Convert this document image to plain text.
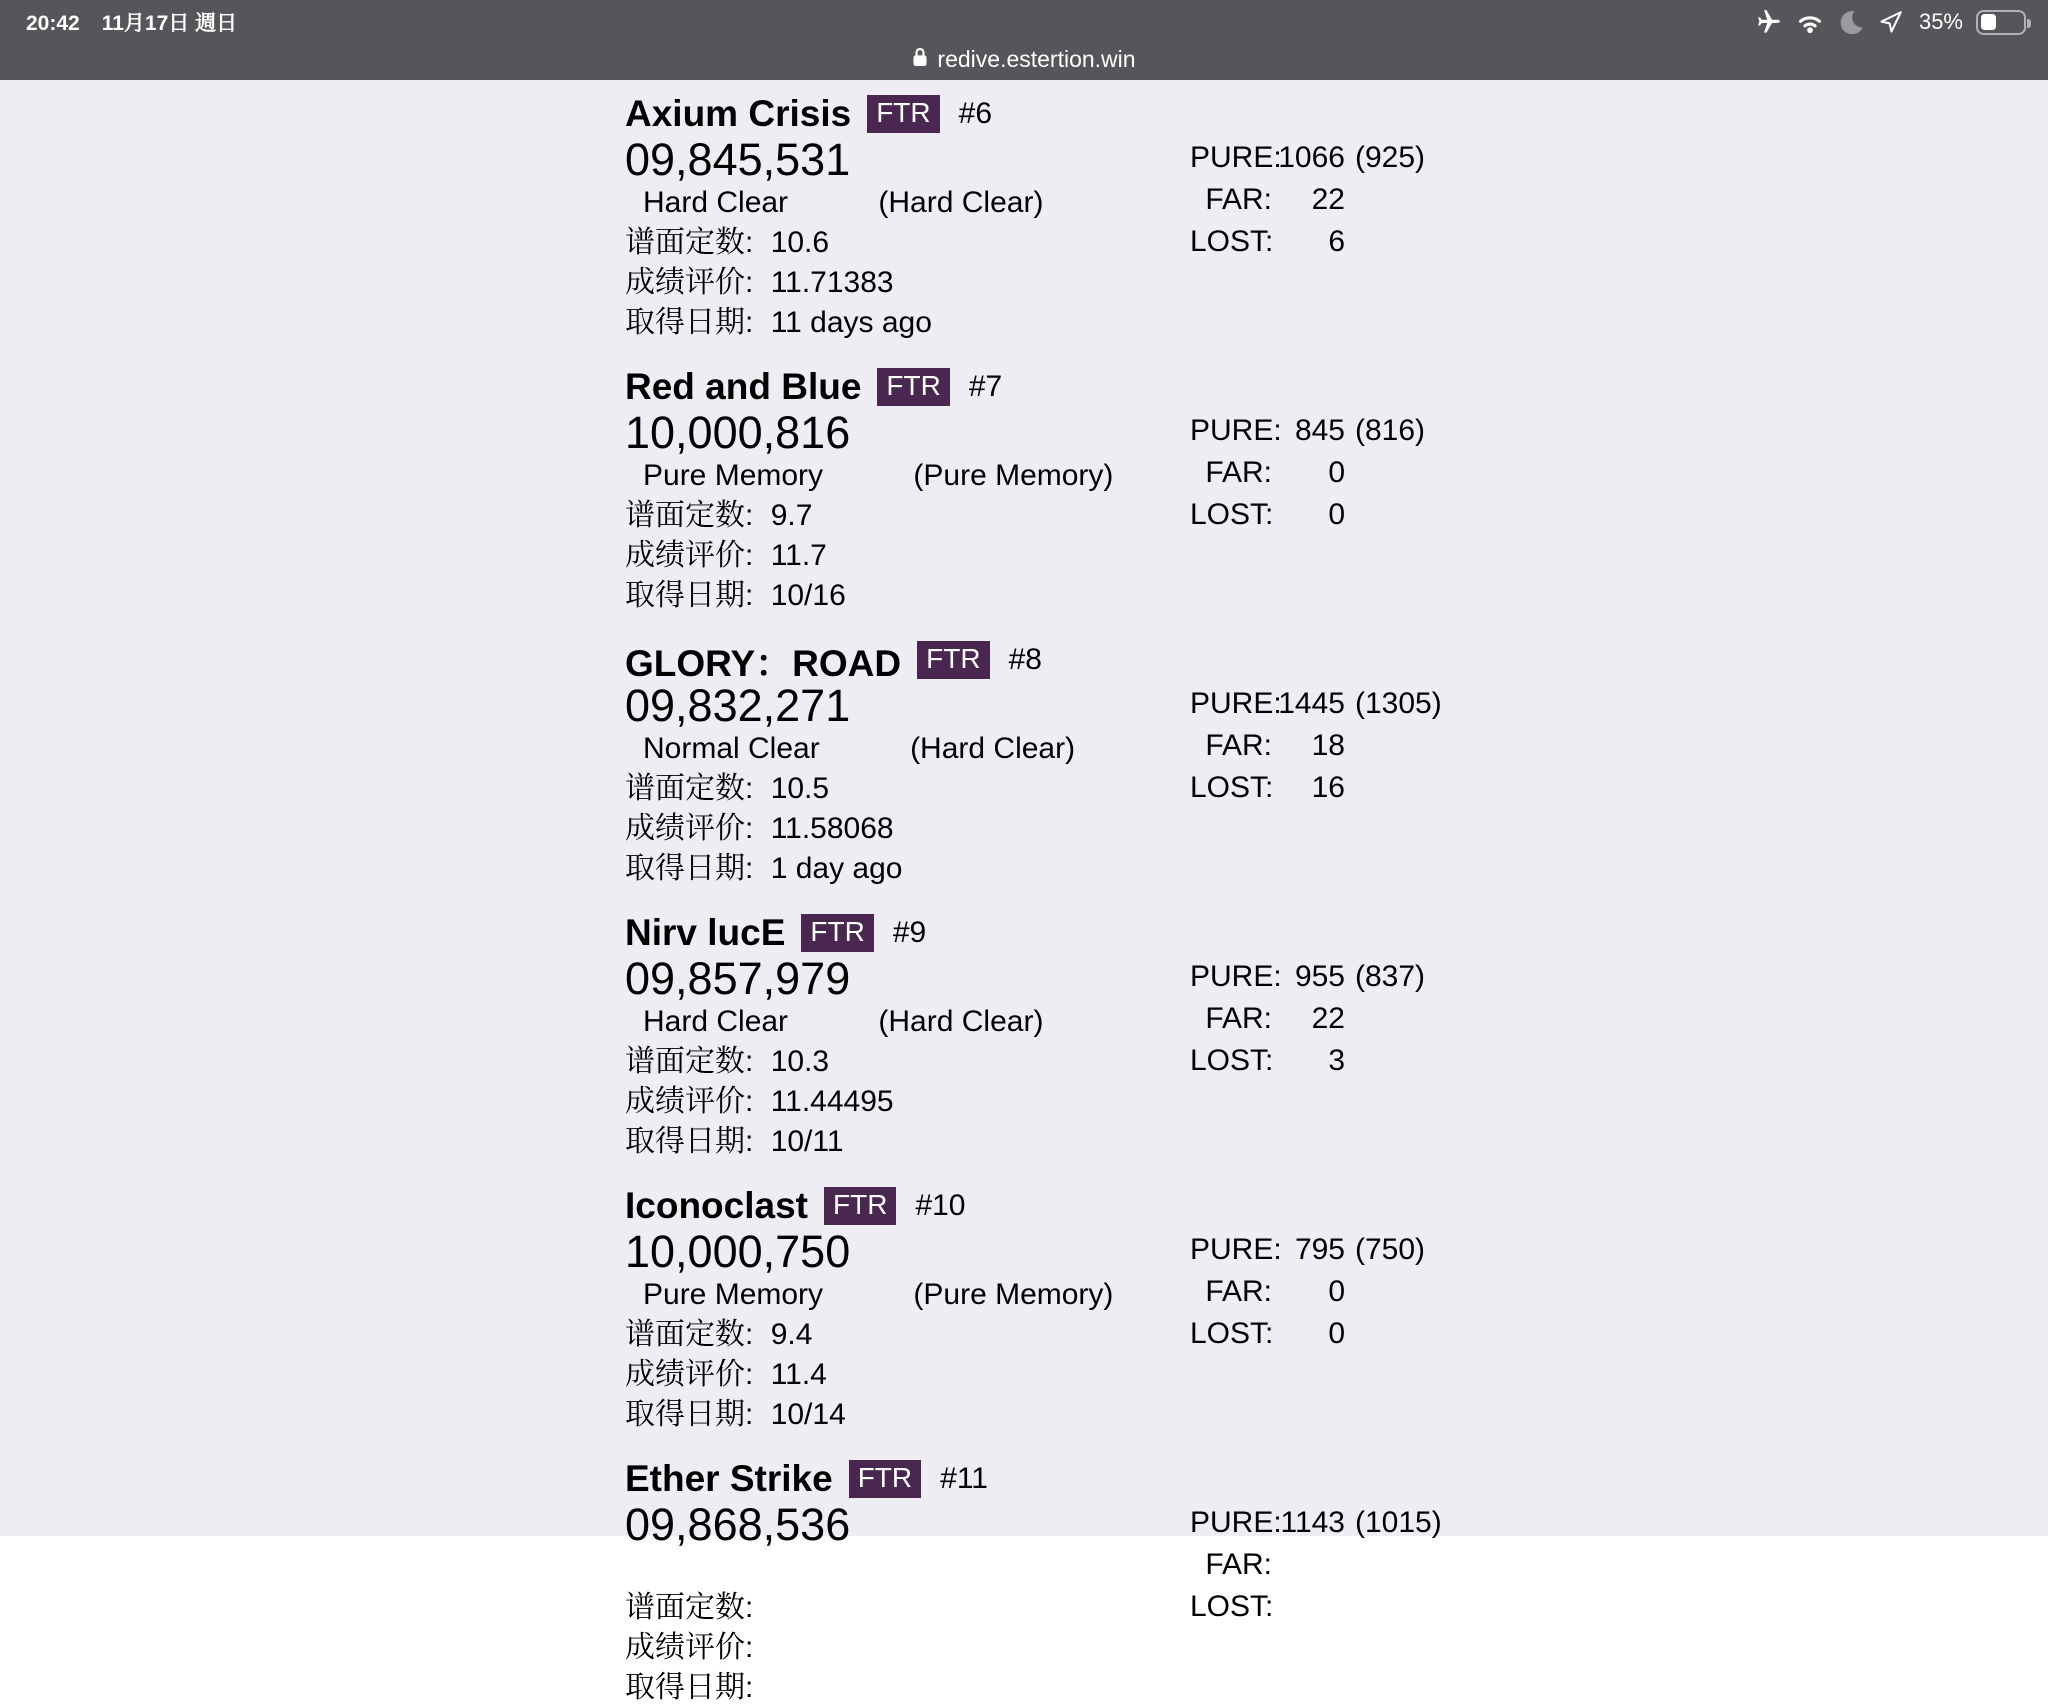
20:42 11月17日 週日	35%
redive.estertion.win
Axium Crisis FTR #6
09,845,531
Hard Clear	(Hard Clear)
谱面定数: 10.6
成绩评价: 11.71383
取得日期: 11 days ago
PURE:
1066 (925)
FAR:	22
LOST:	6
Red and Blue FTR #7
10,000,816
Pure Memory	(Pure Memory)
谱面定数: 9.7
成绩评价: 11.7
取得日期: 10/16
PURE: 845 (816)
FAR:	0
LOST:	0
GLORY：ROAD FTR #8
09,832,271
Normal Clear	(Hard Clear)
谱面定数: 10.5
成绩评价: 11.58068
取得日期: 1 day ago
PURE:
1445 (1305)
FAR:	18
LOST:	16
Nirv lucE FTR #9
09,857,979
Hard Clear	(Hard Clear)
谱面定数: 10.3
成绩评价: 11.44495
取得日期: 10/11
PURE: 955 (837)
FAR:	22
LOST:	3
Iconoclast FTR #10
10,000,750
Pure Memory	(Pure Memory)
谱面定数: 9.4
成绩评价: 11.4
取得日期: 10/14
PURE: 795 (750)
FAR:	0
LOST:	0
Ether Strike FTR #11
09,868,536
谱面定数:
成绩评价:
取得日期:
PURE:
1143 (1015)
FAR:
LOST:
